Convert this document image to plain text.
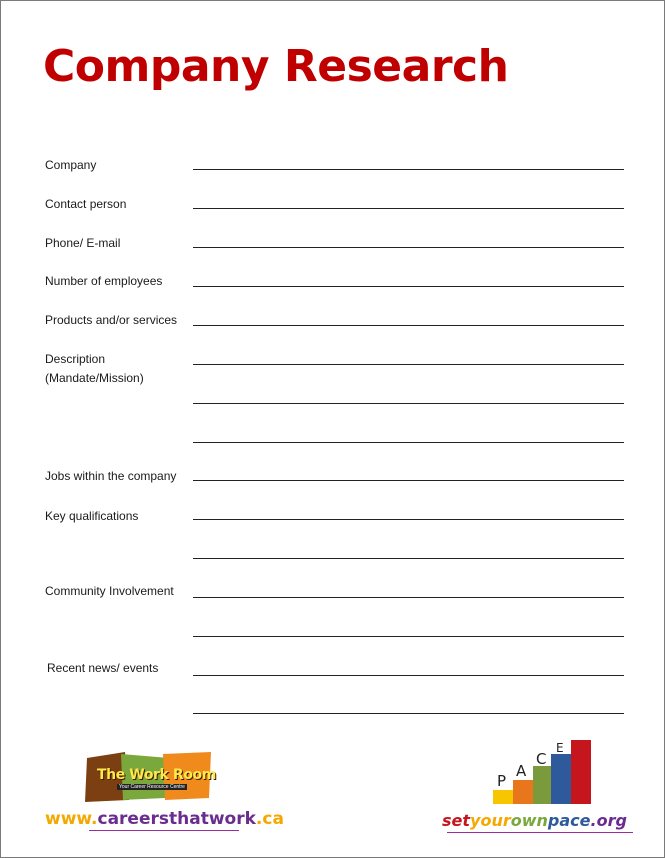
Company Research
Company
Contact person
Phone/ E-mail
Number of employees
Products and/or services
Description
(Mandate/Mission)
Jobs within the company
Key qualifications
Community Involvement
Recent news/ events
The Work Room
Your Career Resource Centre
www.careersthatwork.ca
P
A
C
E
setyourownpace.org
